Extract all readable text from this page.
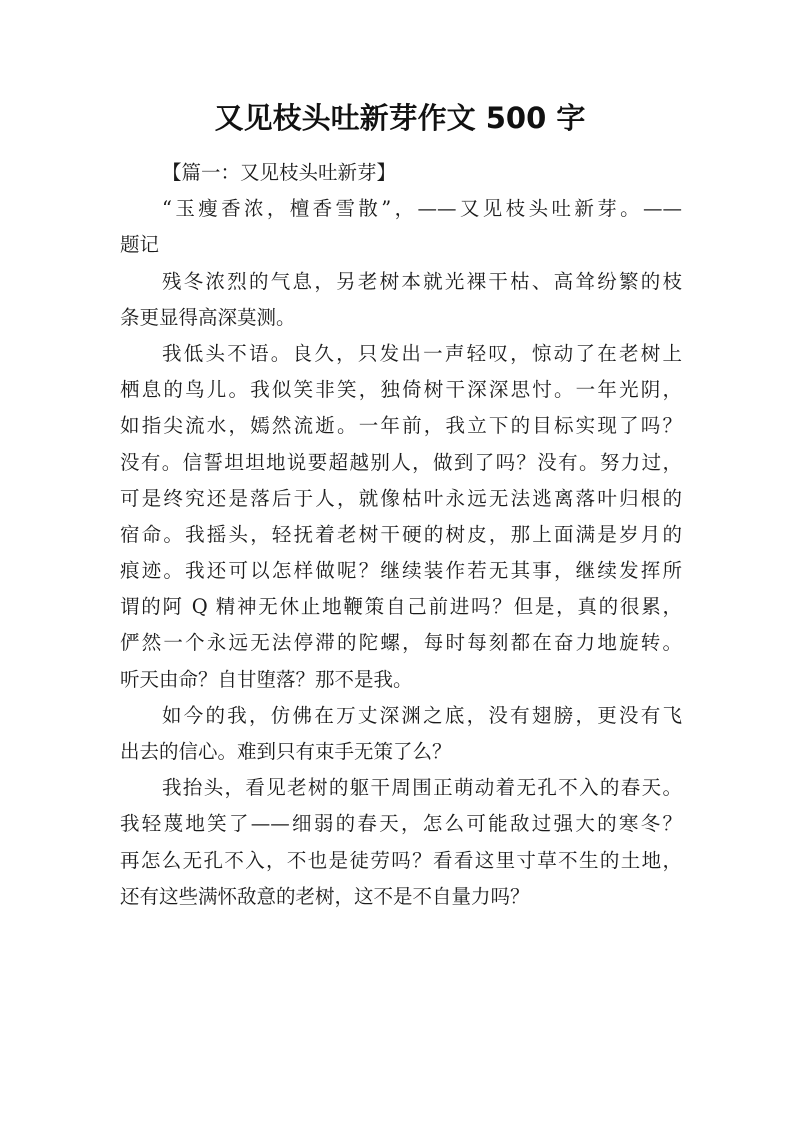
又见枝头吐新芽作文 500 字
【篇一：又见枝头吐新芽】
“玉瘦香浓，檀香雪散”，——又见枝头吐新芽。——
题记
残冬浓烈的气息，另老树本就光裸干枯、高耸纷繁的枝
条更显得高深莫测。
我低头不语。良久，只发出一声轻叹，惊动了在老树上
栖息的鸟儿。我似笑非笑，独倚树干深深思忖。一年光阴，
如指尖流水，嫣然流逝。一年前，我立下的目标实现了吗？
没有。信誓坦坦地说要超越别人，做到了吗？没有。努力过，
可是终究还是落后于人，就像枯叶永远无法逃离落叶归根的
宿命。我摇头，轻抚着老树干硬的树皮，那上面满是岁月的
痕迹。我还可以怎样做呢？继续装作若无其事，继续发挥所
谓的阿 Q 精神无休止地鞭策自己前进吗？但是，真的很累，
俨然一个永远无法停滞的陀螺，每时每刻都在奋力地旋转。
听天由命？自甘堕落？那不是我。
如今的我，仿佛在万丈深渊之底，没有翅膀，更没有飞
出去的信心。难到只有束手无策了么？
我抬头，看见老树的躯干周围正萌动着无孔不入的春天。
我轻蔑地笑了——细弱的春天，怎么可能敌过强大的寒冬？
再怎么无孔不入，不也是徒劳吗？看看这里寸草不生的土地，
还有这些满怀敌意的老树，这不是不自量力吗？
